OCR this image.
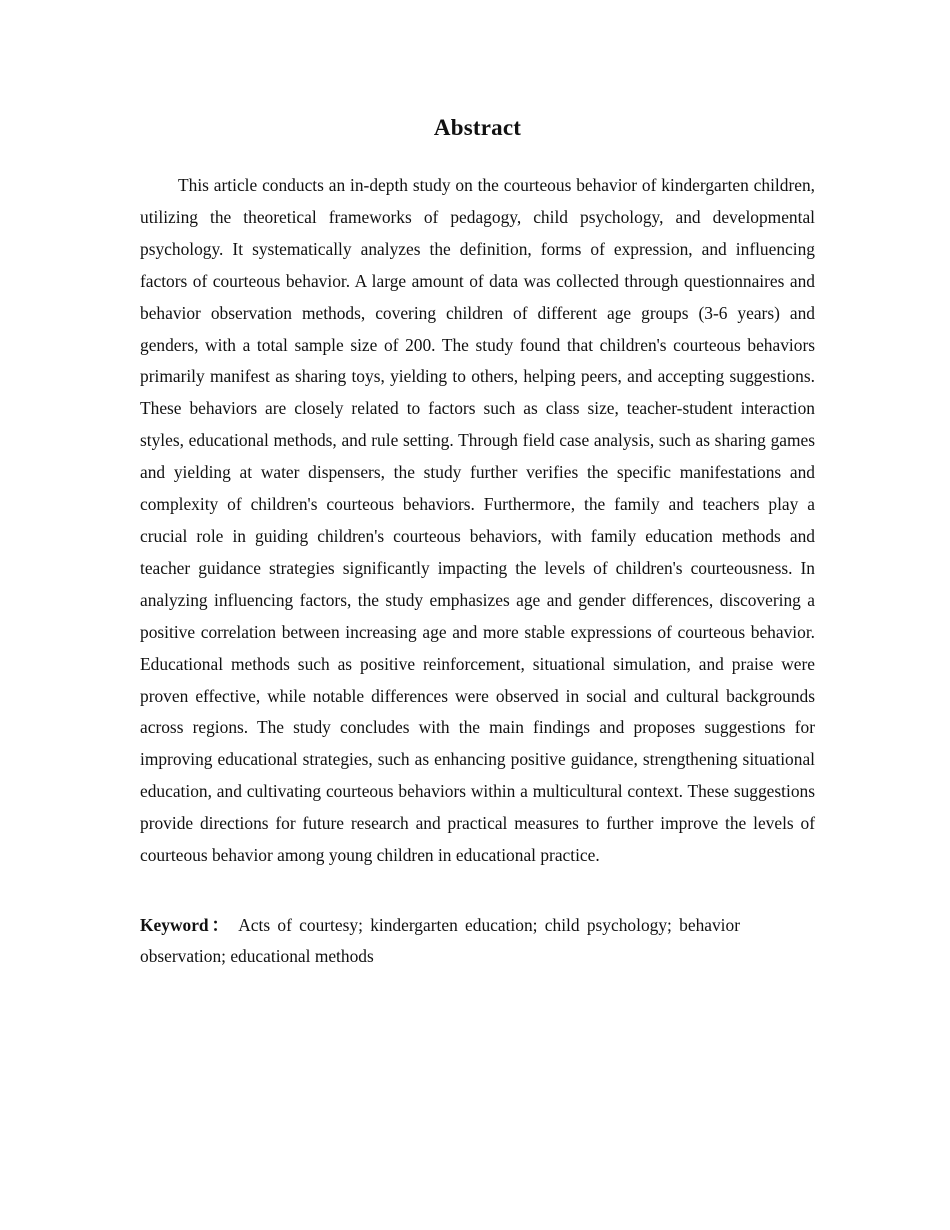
Abstract

This article conducts an in-depth study on the courteous behavior of kindergarten children, utilizing the theoretical frameworks of pedagogy, child psychology, and developmental psychology. It systematically analyzes the definition, forms of expression, and influencing factors of courteous behavior. A large amount of data was collected through questionnaires and behavior observation methods, covering children of different age groups (3-6 years) and genders, with a total sample size of 200. The study found that children's courteous behaviors primarily manifest as sharing toys, yielding to others, helping peers, and accepting suggestions. These behaviors are closely related to factors such as class size, teacher-student interaction styles, educational methods, and rule setting. Through field case analysis, such as sharing games and yielding at water dispensers, the study further verifies the specific manifestations and complexity of children's courteous behaviors. Furthermore, the family and teachers play a crucial role in guiding children's courteous behaviors, with family education methods and teacher guidance strategies significantly impacting the levels of children's courteousness. In analyzing influencing factors, the study emphasizes age and gender differences, discovering a positive correlation between increasing age and more stable expressions of courteous behavior. Educational methods such as positive reinforcement, situational simulation, and praise were proven effective, while notable differences were observed in social and cultural backgrounds across regions. The study concludes with the main findings and proposes suggestions for improving educational strategies, such as enhancing positive guidance, strengthening situational education, and cultivating courteous behaviors within a multicultural context. These suggestions provide directions for future research and practical measures to further improve the levels of courteous behavior among young children in educational practice.

Keyword： Acts of courtesy; kindergarten education; child psychology; behavior observation; educational methods
